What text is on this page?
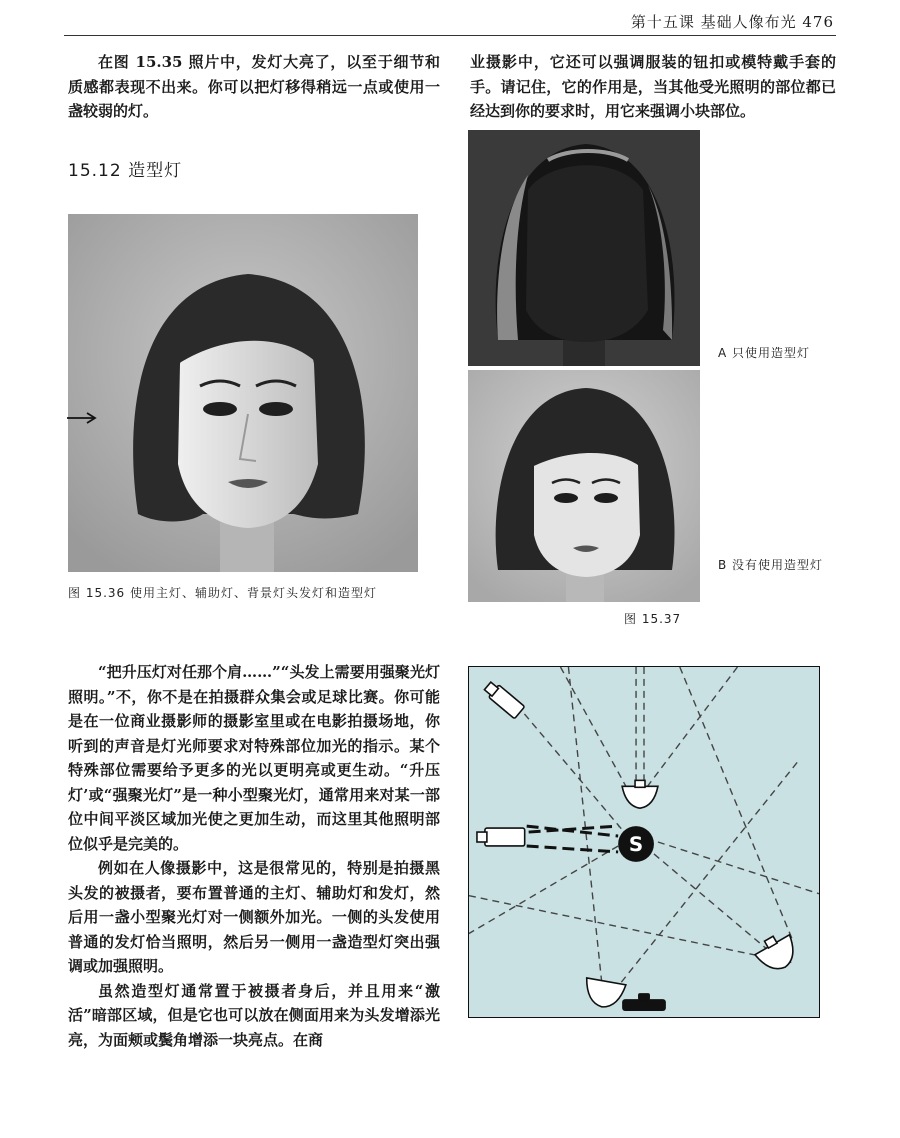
第十五课 基础人像布光 476

在图 15.35 照片中，发灯大亮了，以至于细节和质感都表现不出来。你可以把灯移得稍远一点或使用一盏较弱的灯。

业摄影中，它还可以强调服装的钮扣或模特戴手套的手。请记住，它的作用是，当其他受光照明的部位都已经达到你的要求时，用它来强调小块部位。

15.12 造型灯
图 15.36 使用主灯、辅助灯、背景灯头发灯和造型灯
A 只使用造型灯
B 没有使用造型灯
图 15.37

“把升压灯对任那个肩……”“头发上需要用强聚光灯照明。”不，你不是在拍摄群众集会或足球比赛。你可能是在一位商业摄影师的摄影室里或在电影拍摄场地，你听到的声音是灯光师要求对特殊部位加光的指示。某个特殊部位需要给予更多的光以更明亮或更生动。“升压灯’或“强聚光灯”是一种小型聚光灯，通常用来对某一部位中间平淡区域加光使之更加生动，而这里其他照明部位似乎是完美的。

例如在人像摄影中，这是很常见的，特别是拍摄黑头发的被摄者，要布置普通的主灯、辅助灯和发灯，然后用一盏小型聚光灯对一侧额外加光。一侧的头发使用普通的发灯恰当照明，然后另一侧用一盏造型灯突出强调或加强照明。

虽然造型灯通常置于被摄者身后，并且用来“激活”暗部区域，但是它也可以放在侧面用来为头发增添光亮，为面颊或鬓角增添一块亮点。在商

S
